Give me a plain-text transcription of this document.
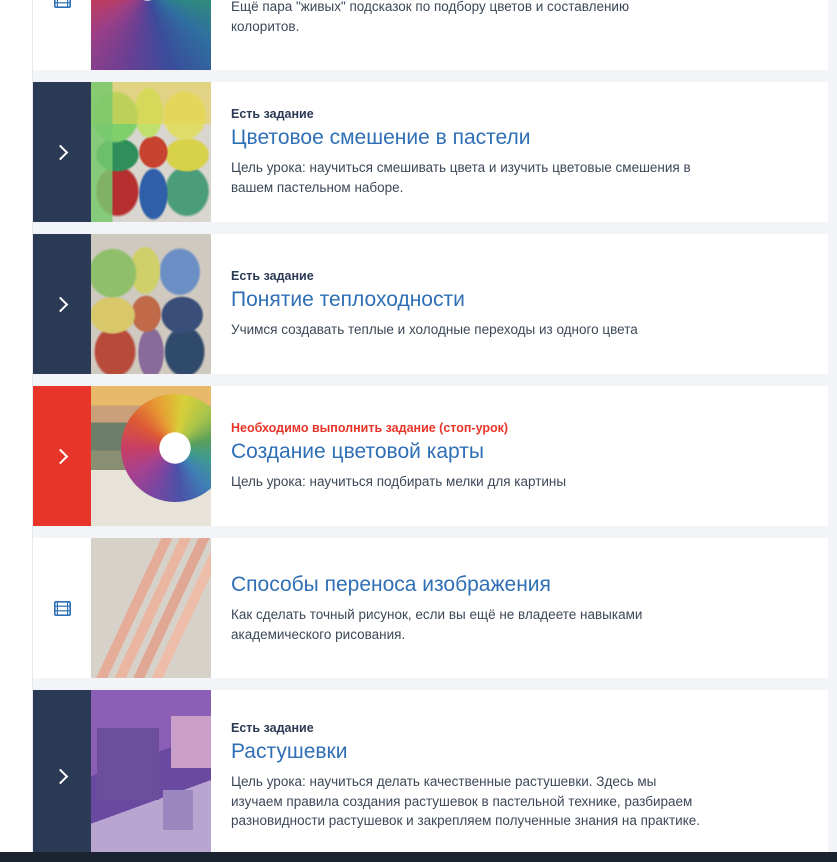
Ещё пара "живых" подсказок по подбору цветов и составлению колоритов.
Есть задание
Цветовое смешение в пастели
Цель урока: научиться смешивать цвета и изучить цветовые смешения в вашем пастельном наборе.
Есть задание
Понятие теплоходности
Учимся создавать теплые и холодные переходы из одного цвета
Необходимо выполнить задание (стоп-урок)
Создание цветовой карты
Цель урока: научиться подбирать мелки для картины
Способы переноса изображения
Как сделать точный рисунок, если вы ещё не владеете навыками академического рисования.
Есть задание
Растушевки
Цель урока: научиться делать качественные растушевки. Здесь мы изучаем правила создания растушевок в пастельной технике, разбираем разновидности растушевок и закрепляем полученные знания на практике.
